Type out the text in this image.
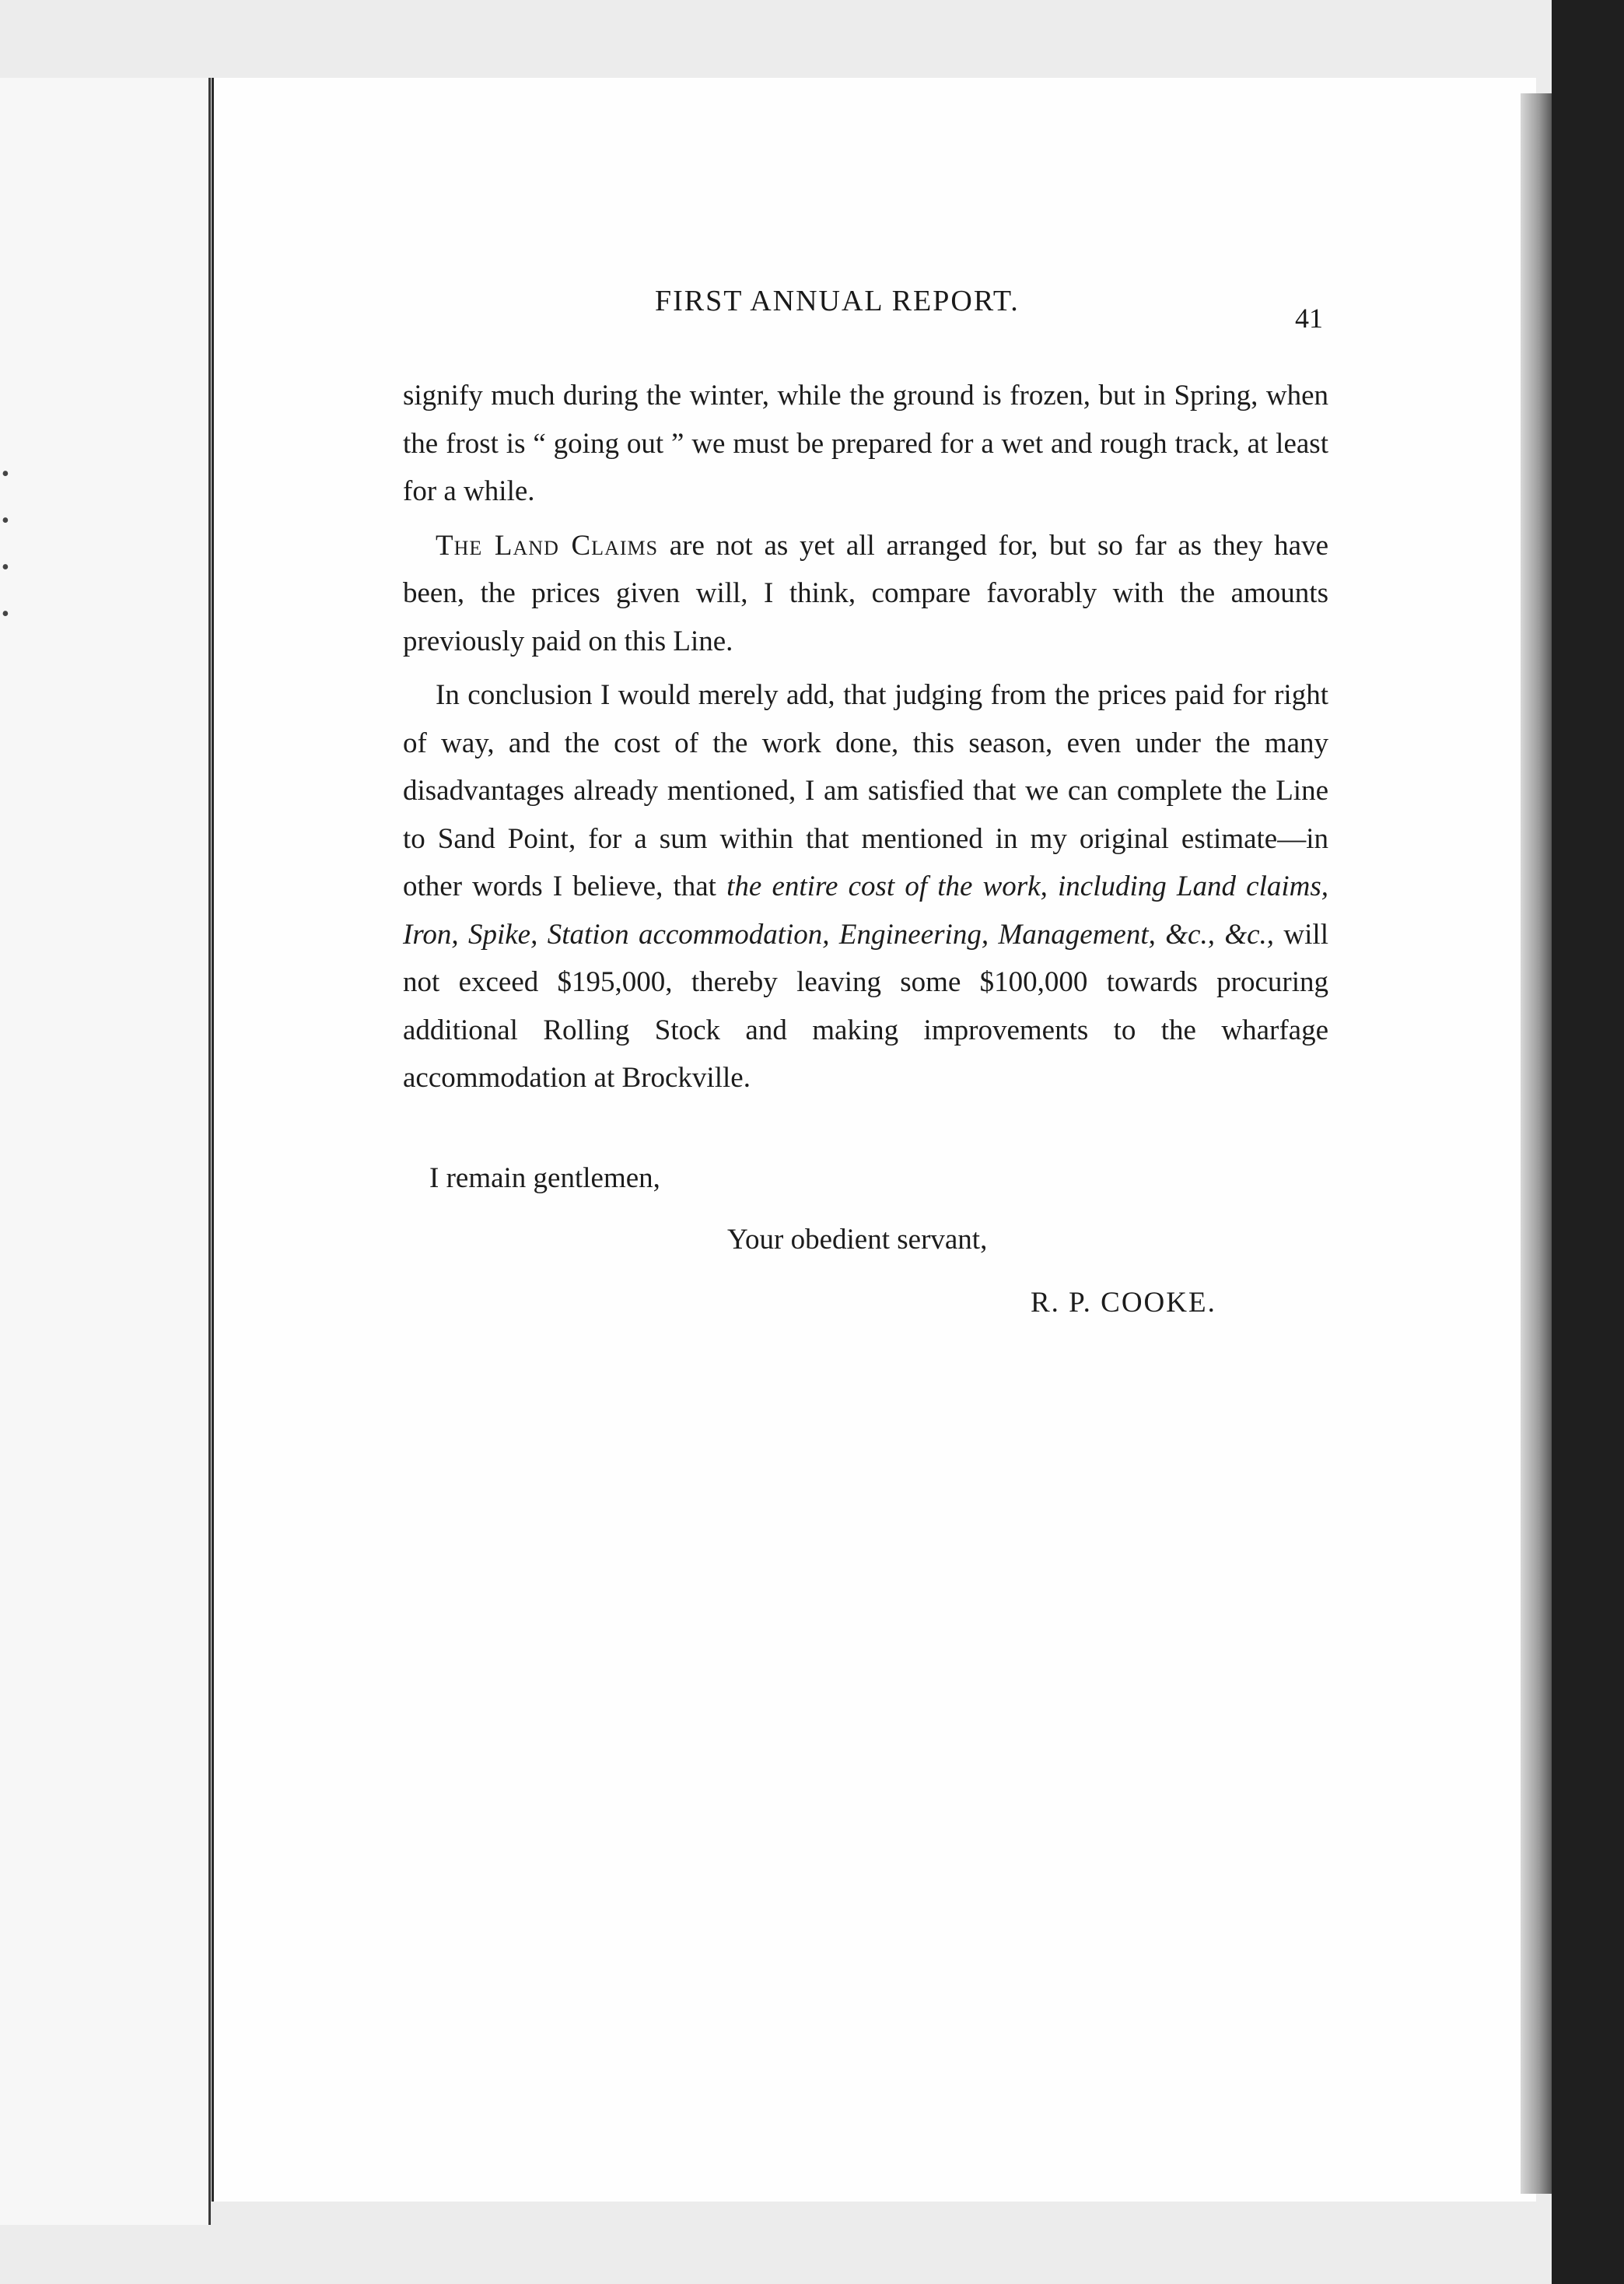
•
•
•
•
FIRST ANNUAL REPORT.
41

signify much during the winter, while the ground is frozen, but in Spring, when the frost is “ going out ” we must be prepared for a wet and rough track, at least for a while.

The Land Claims are not as yet all arranged for, but so far as they have been, the prices given will, I think, compare favorably with the amounts previously paid on this Line.

In conclusion I would merely add, that judging from the prices paid for right of way, and the cost of the work done, this season, even under the many disadvantages already mentioned, I am satisfied that we can complete the Line to Sand Point, for a sum within that mentioned in my original estimate—in other words I believe, that the entire cost of the work, including Land claims, Iron, Spike, Station accommodation, Engineering, Management, &c., &c., will not exceed $195,000, thereby leaving some $100,000 towards procuring additional Rolling Stock and making improvements to the wharfage accommodation at Brockville.

I remain gentlemen,
Your obedient servant,
R. P. COOKE.
